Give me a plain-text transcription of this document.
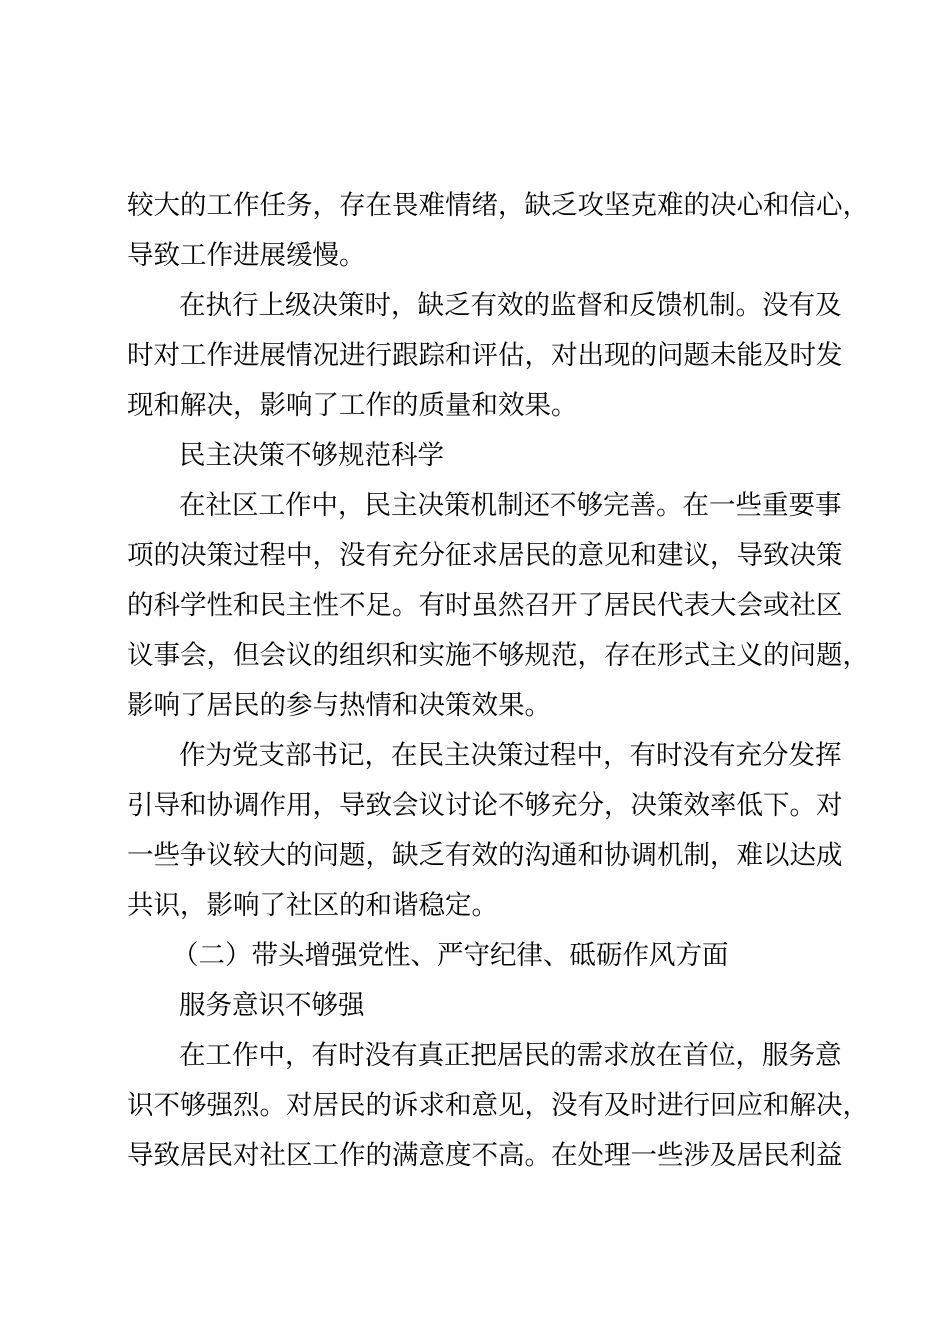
较大的工作任务，存在畏难情绪，缺乏攻坚克难的决心和信心，
导致工作进展缓慢。
在执行上级决策时，缺乏有效的监督和反馈机制。没有及
时对工作进展情况进行跟踪和评估，对出现的问题未能及时发
现和解决，影响了工作的质量和效果。
民主决策不够规范科学
在社区工作中，民主决策机制还不够完善。在一些重要事
项的决策过程中，没有充分征求居民的意见和建议，导致决策
的科学性和民主性不足。有时虽然召开了居民代表大会或社区
议事会，但会议的组织和实施不够规范，存在形式主义的问题，
影响了居民的参与热情和决策效果。
作为党支部书记，在民主决策过程中，有时没有充分发挥
引导和协调作用，导致会议讨论不够充分，决策效率低下。对
一些争议较大的问题，缺乏有效的沟通和协调机制，难以达成
共识，影响了社区的和谐稳定。
（二）带头增强党性、严守纪律、砥砺作风方面
服务意识不够强
在工作中，有时没有真正把居民的需求放在首位，服务意
识不够强烈。对居民的诉求和意见，没有及时进行回应和解决，
导致居民对社区工作的满意度不高。在处理一些涉及居民利益
